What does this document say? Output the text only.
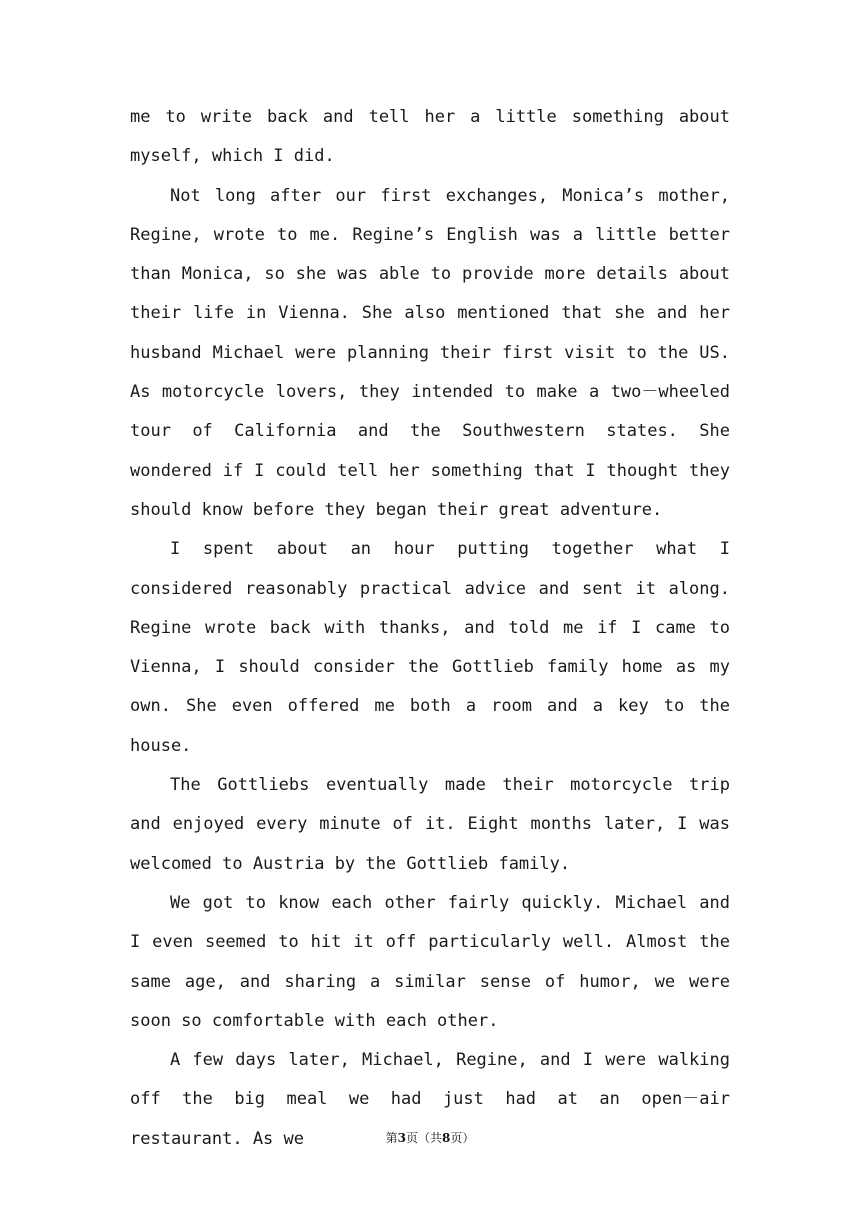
me to write back and tell her a little something about myself, which I did.

Not long after our first exchanges, Monica’s mother, Regine, wrote to me. Regine’s English was a little better than Monica, so she was able to provide more details about their life in Vienna. She also mentioned that she and her husband Michael were planning their first visit to the US. As motorcycle lovers, they intended to make a two－wheeled tour of California and the Southwestern states. She wondered if I could tell her something that I thought they should know before they began their great adventure.

I spent about an hour putting together what I considered reasonably practical advice and sent it along. Regine wrote back with thanks, and told me if I came to Vienna, I should consider the Gottlieb family home as my own. She even offered me both a room and a key to the house.

The Gottliebs eventually made their motorcycle trip and enjoyed every minute of it. Eight months later, I was welcomed to Austria by the Gottlieb family.

We got to know each other fairly quickly. Michael and I even seemed to hit it off particularly well. Almost the same age, and sharing a similar sense of humor, we were soon so comfortable with each other.

A few days later, Michael, Regine, and I were walking off the big meal we had just had at an open－air restaurant. As we	第3页（共8页）
